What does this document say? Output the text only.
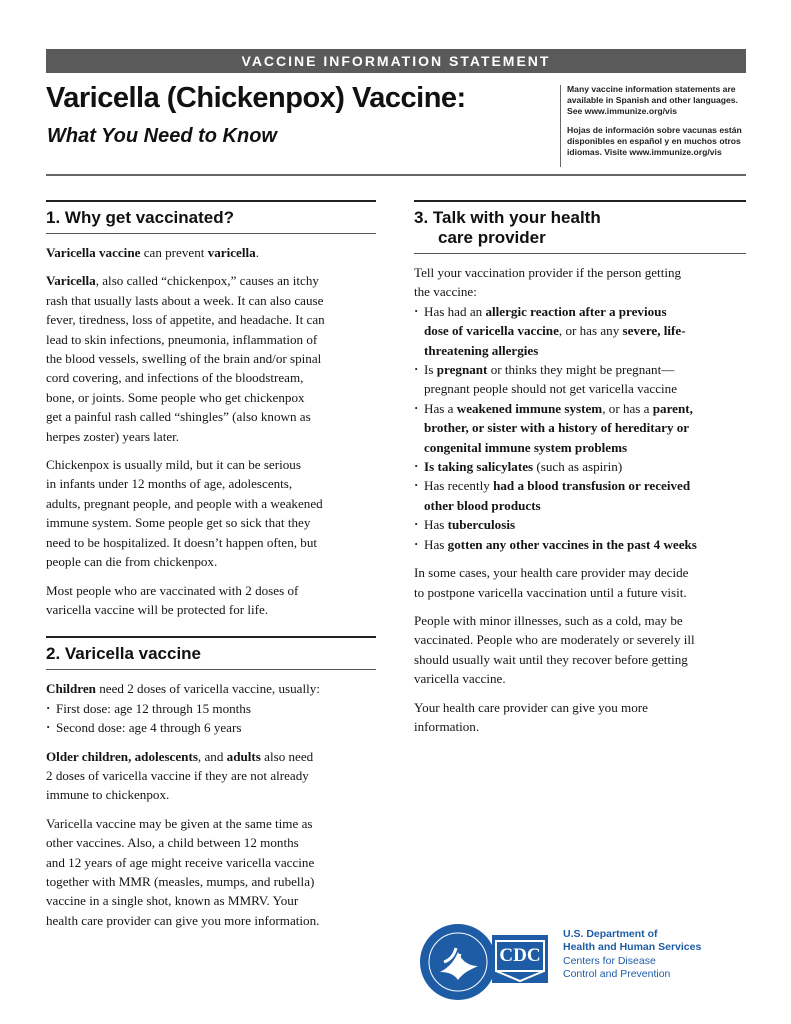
VACCINE INFORMATION STATEMENT
Varicella (Chickenpox) Vaccine:
What You Need to Know

Many vaccine information statements are
available in Spanish and other languages.
See www.immunize.org/vis

Hojas de información sobre vacunas están
disponibles en español y en muchos otros
idiomas. Visite www.immunize.org/vis

1. Why get vaccinated?

Varicella vaccine can prevent varicella.

Varicella, also called “chickenpox,” causes an itchy
rash that usually lasts about a week. It can also cause
fever, tiredness, loss of appetite, and headache. It can
lead to skin infections, pneumonia, inflammation of
the blood vessels, swelling of the brain and/or spinal
cord covering, and infections of the bloodstream,
bone, or joints. Some people who get chickenpox
get a painful rash called “shingles” (also known as
herpes zoster) years later.

Chickenpox is usually mild, but it can be serious
in infants under 12 months of age, adolescents,
adults, pregnant people, and people with a weakened
immune system. Some people get so sick that they
need to be hospitalized. It doesn’t happen often, but
people can die from chickenpox.

Most people who are vaccinated with 2 doses of
varicella vaccine will be protected for life.

2. Varicella vaccine

Children need 2 doses of varicella vaccine, usually:

· First dose: age 12 through 15 months
· Second dose: age 4 through 6 years

Older children, adolescents, and adults also need
2 doses of varicella vaccine if they are not already
immune to chickenpox.

Varicella vaccine may be given at the same time as
other vaccines. Also, a child between 12 months
and 12 years of age might receive varicella vaccine
together with MMR (measles, mumps, and rubella)
vaccine in a single shot, known as MMRV. Your
health care provider can give you more information.

3. Talk with your health
care provider

Tell your vaccination provider if the person getting
the vaccine:

· Has had an allergic reaction after a previous
dose of varicella vaccine, or has any severe, life-
threatening allergies
· Is pregnant or thinks they might be pregnant—
pregnant people should not get varicella vaccine
· Has a weakened immune system, or has a parent,
brother, or sister with a history of hereditary or
congenital immune system problems
· Is taking salicylates (such as aspirin)
· Has recently had a blood transfusion or received
other blood products
· Has tuberculosis
· Has gotten any other vaccines in the past 4 weeks

In some cases, your health care provider may decide
to postpone varicella vaccination until a future visit.

People with minor illnesses, such as a cold, may be
vaccinated. People who are moderately or severely ill
should usually wait until they recover before getting
varicella vaccine.

Your health care provider can give you more
information.

CDC

U.S. Department of
Health and Human Services

Centers for Disease
Control and Prevention
